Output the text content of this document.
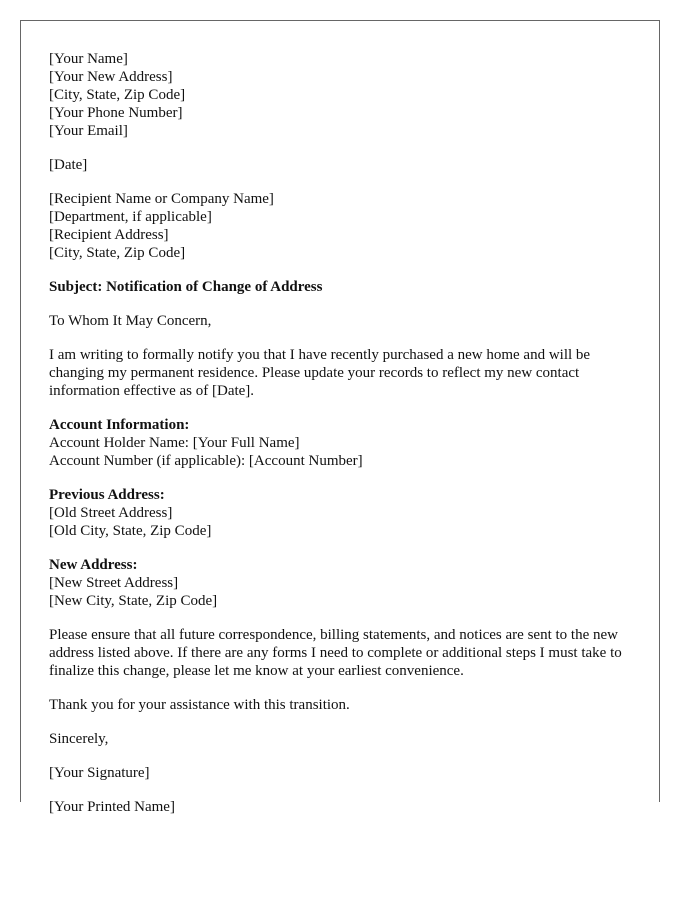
[Your Name]
[Your New Address]
[City, State, Zip Code]
[Your Phone Number]
[Your Email]
[Date]
[Recipient Name or Company Name]
[Department, if applicable]
[Recipient Address]
[City, State, Zip Code]
Subject: Notification of Change of Address
To Whom It May Concern,
I am writing to formally notify you that I have recently purchased a new home and will be changing my permanent residence. Please update your records to reflect my new contact information effective as of [Date].
Account Information:
Account Holder Name: [Your Full Name]
Account Number (if applicable): [Account Number]
Previous Address:
[Old Street Address]
[Old City, State, Zip Code]
New Address:
[New Street Address]
[New City, State, Zip Code]
Please ensure that all future correspondence, billing statements, and notices are sent to the new address listed above. If there are any forms I need to complete or additional steps I must take to finalize this change, please let me know at your earliest convenience.
Thank you for your assistance with this transition.
Sincerely,
[Your Signature]
[Your Printed Name]
